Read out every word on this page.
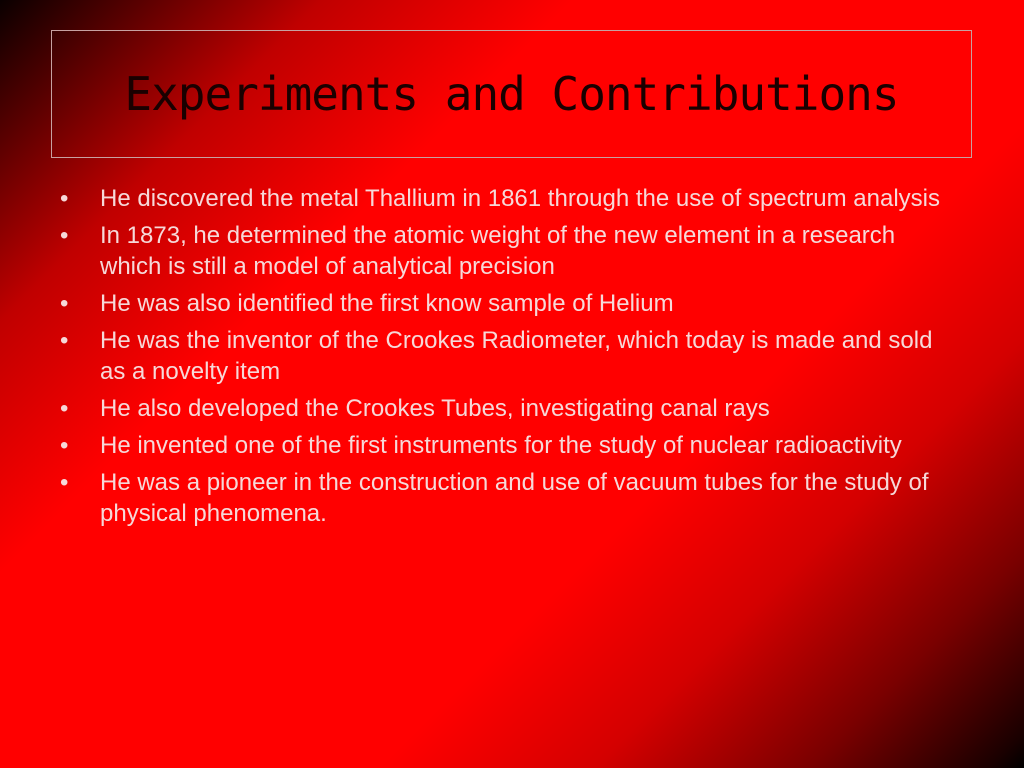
Experiments and Contributions
• He discovered the metal Thallium in 1861 through the use of spectrum analysis
• In 1873, he determined the atomic weight of the new element in a research which is still a model of analytical precision
• He was also identified the first know sample of Helium
• He was the inventor of the Crookes Radiometer, which today is made and sold as a novelty item
• He also developed the Crookes Tubes, investigating canal rays
• He invented one of the first instruments for the study of nuclear radioactivity
• He was a pioneer in the construction and use of vacuum tubes for the study of physical phenomena.
